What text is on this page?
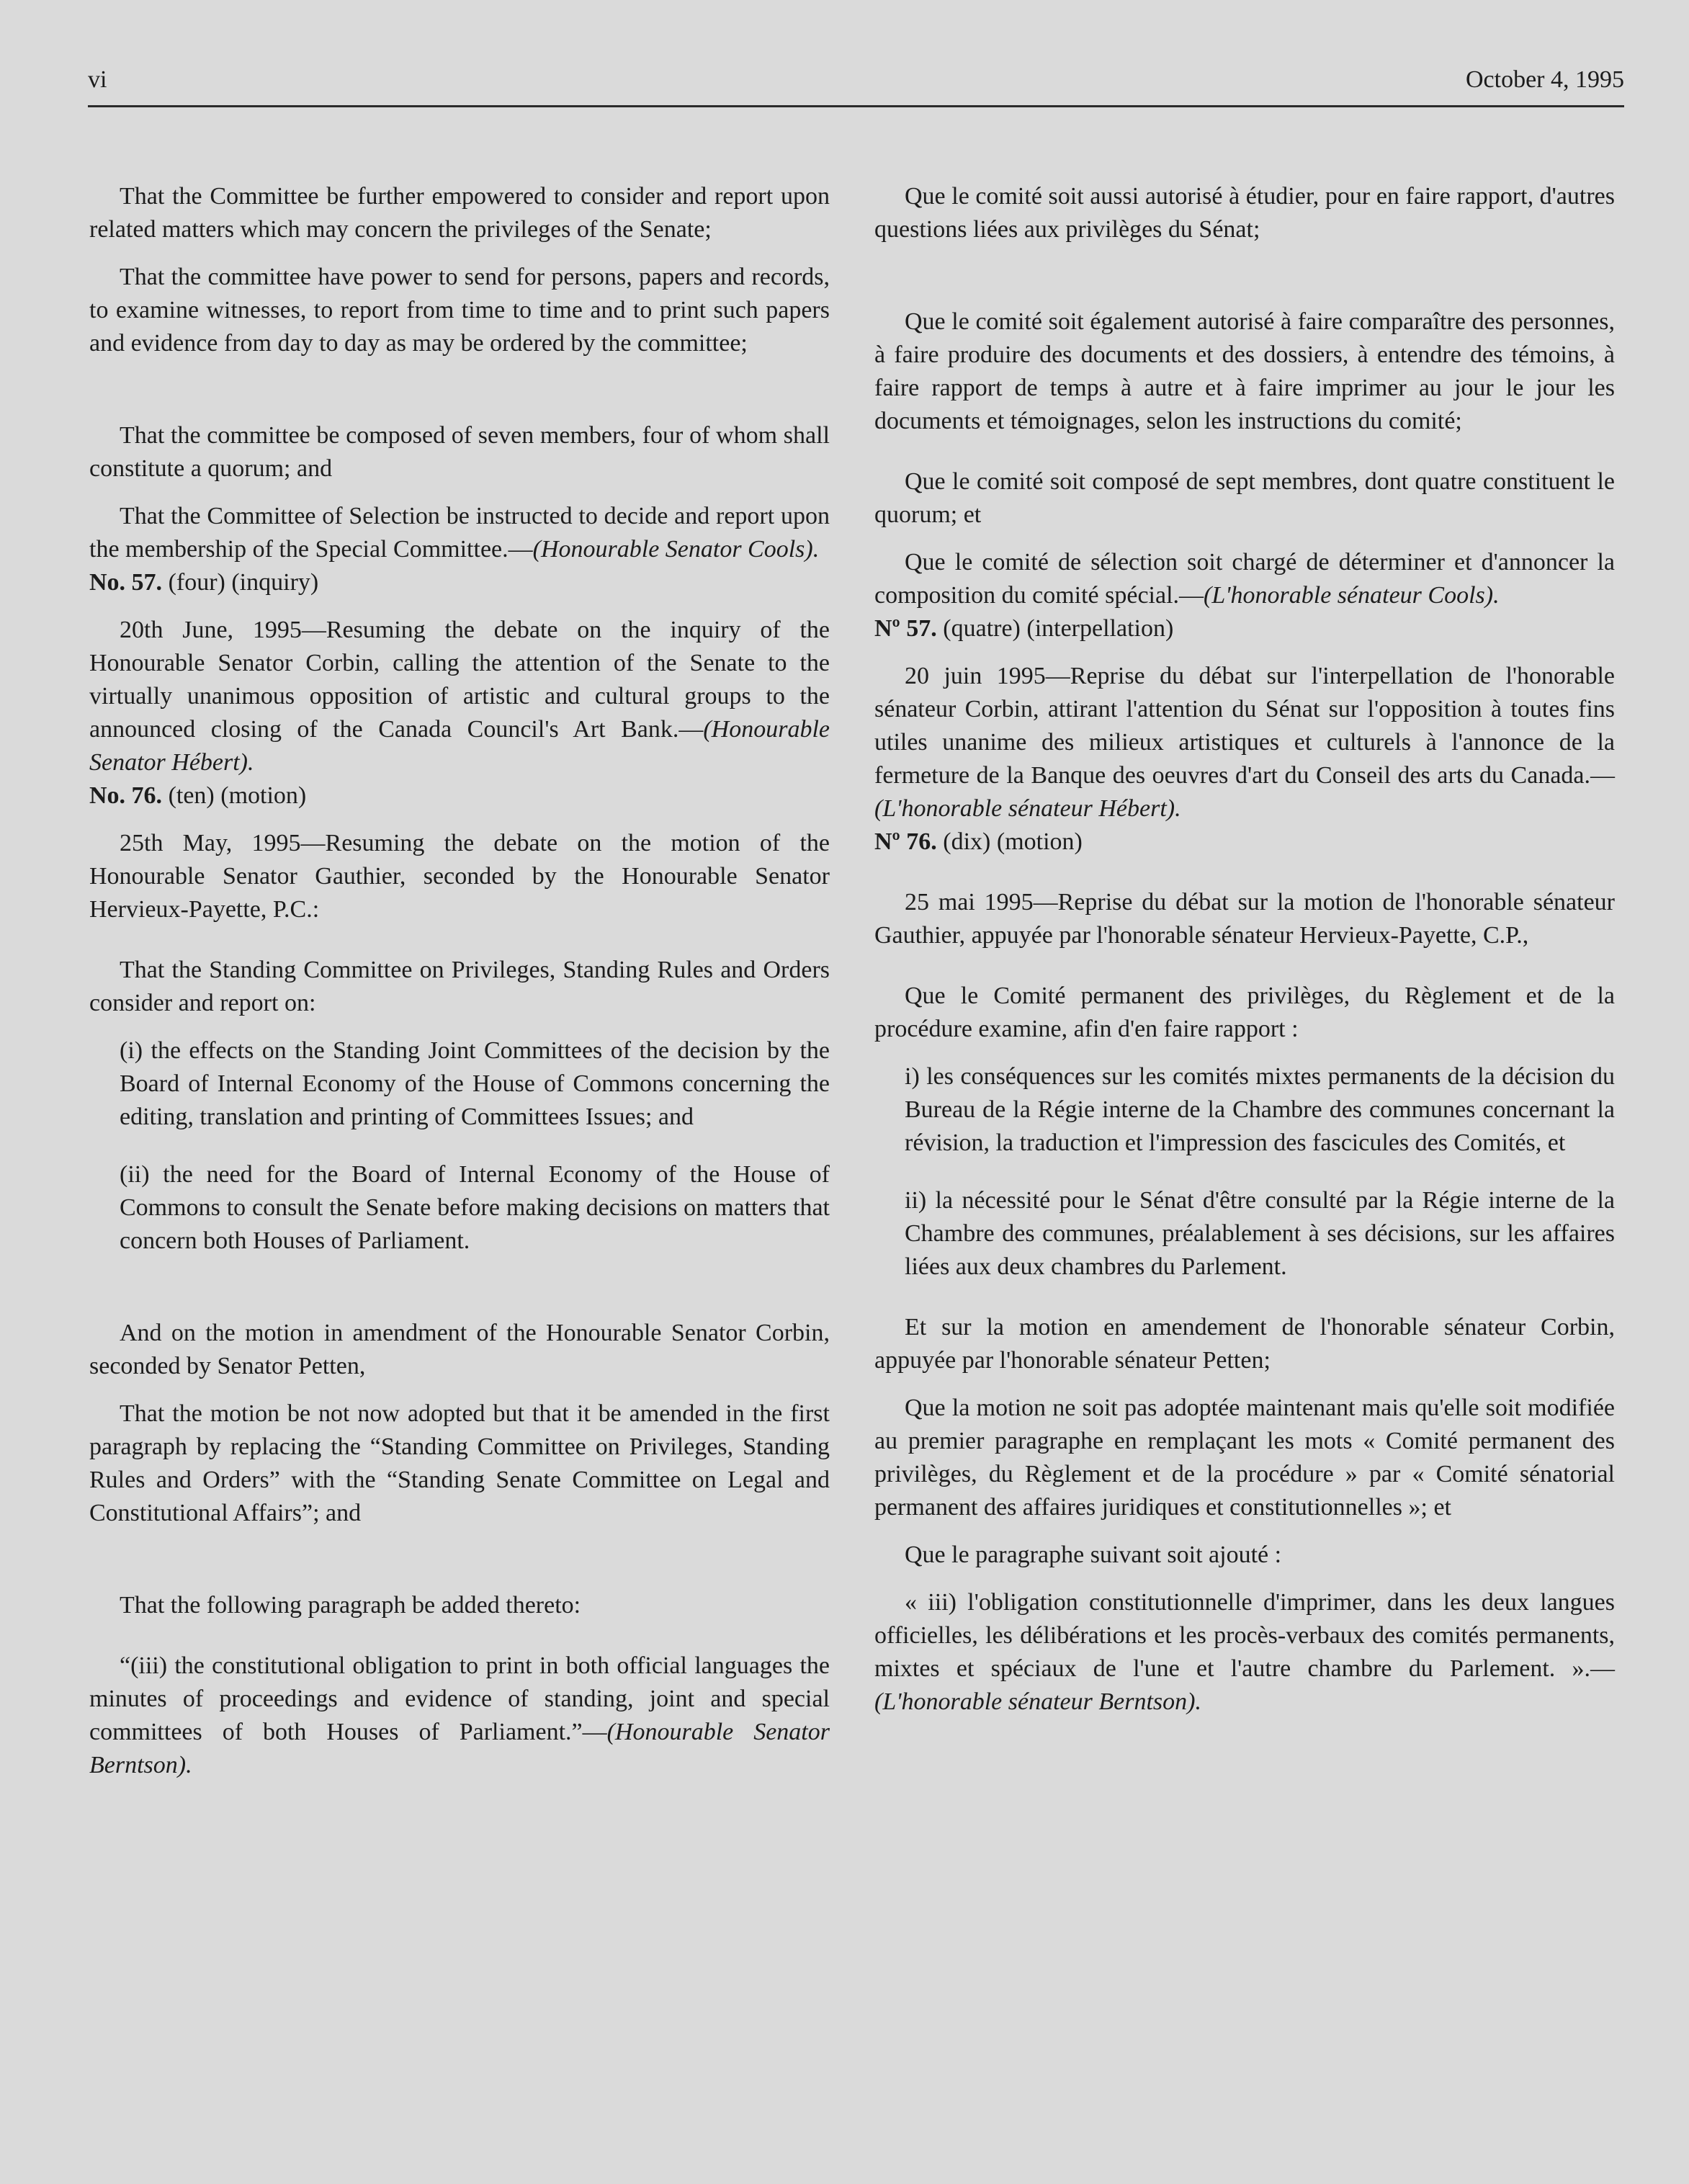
vi	October 4, 1995

That the Committee be further empowered to consider and report upon related matters which may concern the privileges of the Senate;

That the committee have power to send for persons, papers and records, to examine witnesses, to report from time to time and to print such papers and evidence from day to day as may be ordered by the committee;

That the committee be composed of seven members, four of whom shall constitute a quorum; and

That the Committee of Selection be instructed to decide and report upon the membership of the Special Committee.—(Honourable Senator Cools).

No. 57. (four) (inquiry)

20th June, 1995—Resuming the debate on the inquiry of the Honourable Senator Corbin, calling the attention of the Senate to the virtually unanimous opposition of artistic and cultural groups to the announced closing of the Canada Council's Art Bank.—(Honourable Senator Hébert).

No. 76. (ten) (motion)

25th May, 1995—Resuming the debate on the motion of the Honourable Senator Gauthier, seconded by the Honourable Senator Hervieux-Payette, P.C.:

That the Standing Committee on Privileges, Standing Rules and Orders consider and report on:

(i) the effects on the Standing Joint Committees of the decision by the Board of Internal Economy of the House of Commons concerning the editing, translation and printing of Committees Issues; and

(ii) the need for the Board of Internal Economy of the House of Commons to consult the Senate before making decisions on matters that concern both Houses of Parliament.

And on the motion in amendment of the Honourable Senator Corbin, seconded by Senator Petten,

That the motion be not now adopted but that it be amended in the first paragraph by replacing the “Standing Committee on Privileges, Standing Rules and Orders” with the “Standing Senate Committee on Legal and Constitutional Affairs”; and

That the following paragraph be added thereto:

“(iii) the constitutional obligation to print in both official languages the minutes of proceedings and evidence of standing, joint and special committees of both Houses of Parliament.”—(Honourable Senator Berntson).

Que le comité soit aussi autorisé à étudier, pour en faire rapport, d'autres questions liées aux privilèges du Sénat;

Que le comité soit également autorisé à faire comparaître des personnes, à faire produire des documents et des dossiers, à entendre des témoins, à faire rapport de temps à autre et à faire imprimer au jour le jour les documents et témoignages, selon les instructions du comité;

Que le comité soit composé de sept membres, dont quatre constituent le quorum; et

Que le comité de sélection soit chargé de déterminer et d'annoncer la composition du comité spécial.—(L'honorable sénateur Cools).

Nº 57. (quatre) (interpellation)

20 juin 1995—Reprise du débat sur l'interpellation de l'honorable sénateur Corbin, attirant l'attention du Sénat sur l'opposition à toutes fins utiles unanime des milieux artistiques et culturels à l'annonce de la fermeture de la Banque des oeuvres d'art du Conseil des arts du Canada.—(L'honorable sénateur Hébert).

Nº 76. (dix) (motion)

25 mai 1995—Reprise du débat sur la motion de l'honorable sénateur Gauthier, appuyée par l'honorable sénateur Hervieux-Payette, C.P.,

Que le Comité permanent des privilèges, du Règlement et de la procédure examine, afin d'en faire rapport :

i) les conséquences sur les comités mixtes permanents de la décision du Bureau de la Régie interne de la Chambre des communes concernant la révision, la traduction et l'impression des fascicules des Comités, et

ii) la nécessité pour le Sénat d'être consulté par la Régie interne de la Chambre des communes, préalablement à ses décisions, sur les affaires liées aux deux chambres du Parlement.

Et sur la motion en amendement de l'honorable sénateur Corbin, appuyée par l'honorable sénateur Petten;

Que la motion ne soit pas adoptée maintenant mais qu'elle soit modifiée au premier paragraphe en remplaçant les mots « Comité permanent des privilèges, du Règlement et de la procédure » par « Comité sénatorial permanent des affaires juridiques et constitutionnelles »; et

Que le paragraphe suivant soit ajouté :

« iii) l'obligation constitutionnelle d'imprimer, dans les deux langues officielles, les délibérations et les procès-verbaux des comités permanents, mixtes et spéciaux de l'une et l'autre chambre du Parlement. ».—(L'honorable sénateur Berntson).
